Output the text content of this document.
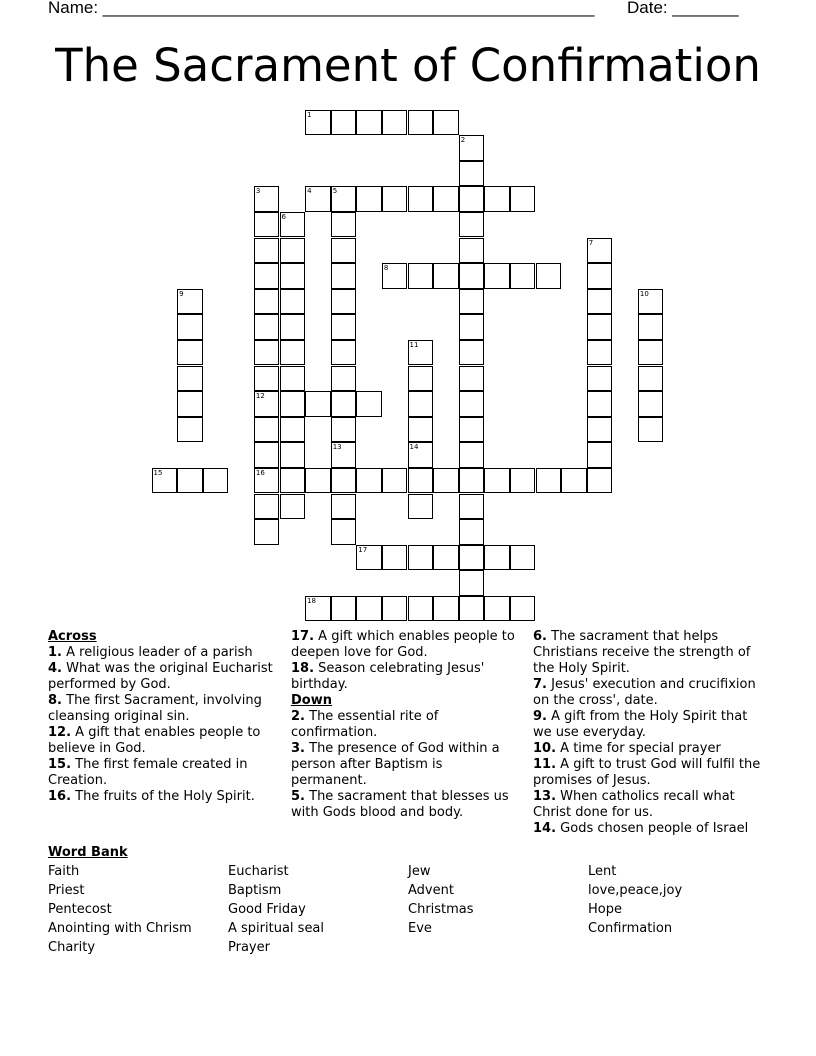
Name: ____________________________________________________ Date: _______
The Sacrament of Confirmation
1
2
3
12
16
4	5
13
6
7
8
9	10
11
14
15
17
18

Across

1. A religious leader of a parish

4. What was the original Eucharist performed by God.

8. The first Sacrament, involving cleansing original sin.

12. A gift that enables people to believe in God.

15. The first female created in Creation.

16. The fruits of the Holy Spirit.

17. A gift which enables people to deepen love for God.

18. Season celebrating Jesus' birthday.

Down

2. The essential rite of confirmation.

3. The presence of God within a person after Baptism is permanent.

5. The sacrament that blesses us with Gods blood and body.

6. The sacrament that helps Christians receive the strength of the Holy Spirit.

7. Jesus' execution and crucifixion on the cross', date.

9. A gift from the Holy Spirit that we use everyday.

10. A time for special prayer

11. A gift to trust God will fulfil the promises of Jesus.

13. When catholics recall what Christ done for us.

14. Gods chosen people of Israel

Word Bank
Faith
Priest
Pentecost
Anointing with Chrism
Charity
Eucharist
Baptism
Good Friday
A spiritual seal
Prayer
Jew
Advent
Christmas
Eve
Lent
love,peace,joy
Hope
Confirmation
